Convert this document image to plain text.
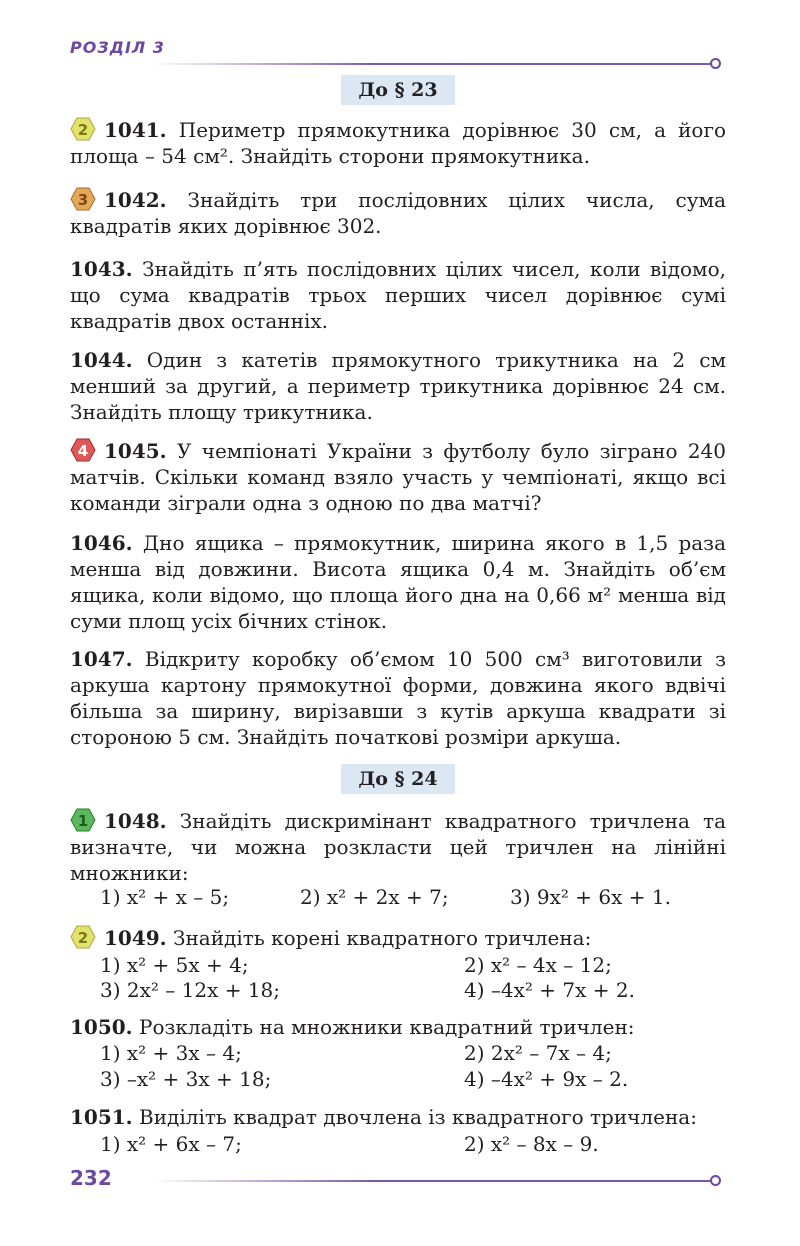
РОЗДІЛ 3
До § 23
2 1041. Периметр прямокутника дорівнює 30 см, а його площа – 54 см². Знайдіть сторони прямокутника.
3 1042. Знайдіть три послідовних цілих числа, сума квадратів яких дорівнює 302.
1043. Знайдіть п’ять послідовних цілих чисел, коли відомо, що сума квадратів трьох перших чисел дорівнює сумі квадратів двох останніх.
1044. Один з катетів прямокутного трикутника на 2 см менший за другий, а периметр трикутника дорівнює 24 см. Знайдіть площу трикутника.
4 1045. У чемпіонаті України з футболу було зіграно 240 матчів. Скільки команд взяло участь у чемпіонаті, якщо всі команди зіграли одна з одною по два матчі?
1046. Дно ящика – прямокутник, ширина якого в 1,5 раза менша від довжини. Висота ящика 0,4 м. Знайдіть об’єм ящика, коли відомо, що площа його дна на 0,66 м² менша від суми площ усіх бічних стінок.
1047. Відкриту коробку об’ємом 10 500 см³ виготовили з аркуша картону прямокутної форми, довжина якого вдвічі більша за ширину, вирізавши з кутів аркуша квадрати зі стороною 5 см. Знайдіть початкові розміри аркуша.
До § 24
1 1048. Знайдіть дискримінант квадратного тричлена та визначте, чи можна розкласти цей тричлен на лінійні множники:
1) x² + x – 5;	2) x² + 2x + 7;	3) 9x² + 6x + 1.
2 1049. Знайдіть корені квадратного тричлена:
1) x² + 5x + 4;	2) x² – 4x – 12;
3) 2x² – 12x + 18;	4) –4x² + 7x + 2.
1050. Розкладіть на множники квадратний тричлен:
1) x² + 3x – 4;	2) 2x² – 7x – 4;
3) –x² + 3x + 18;	4) –4x² + 9x – 2.
1051. Виділіть квадрат двочлена із квадратного тричлена:
1) x² + 6x – 7;	2) x² – 8x – 9.
232
